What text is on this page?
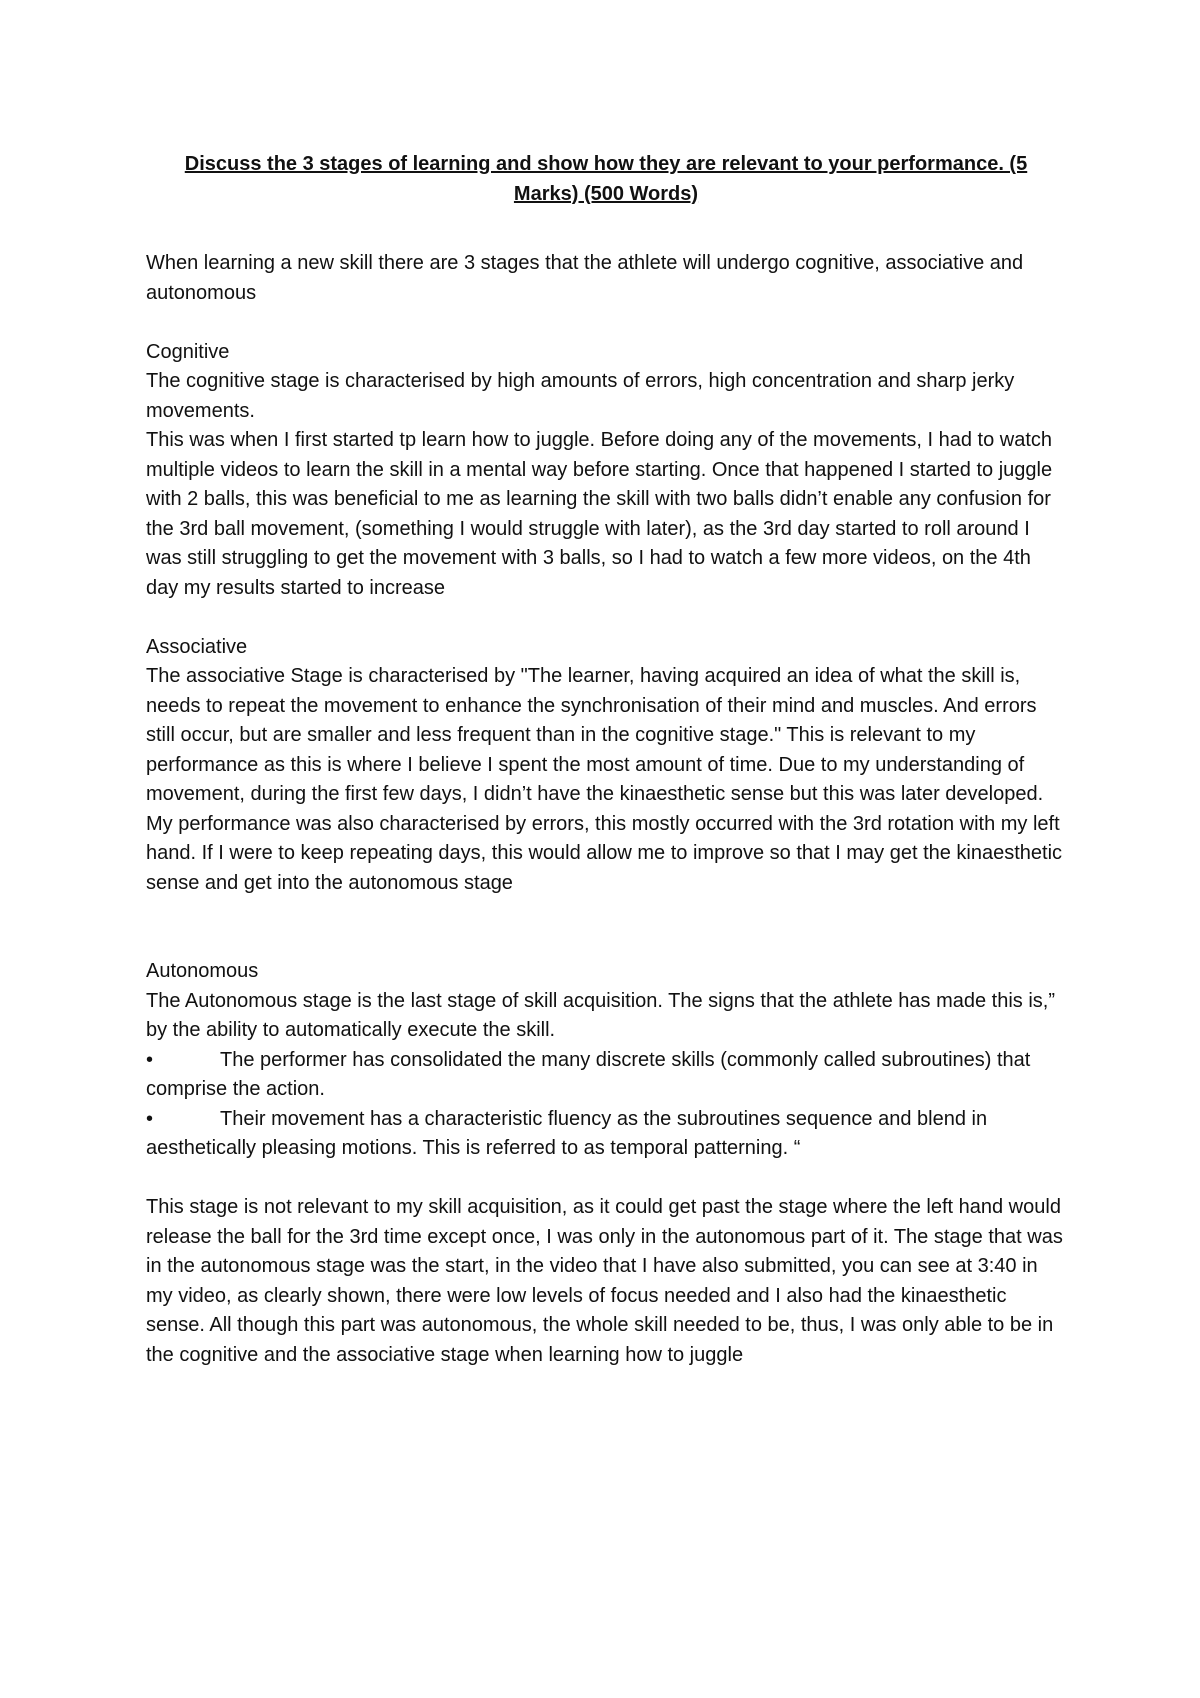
Discuss the 3 stages of learning and show how they are relevant to your performance. (5 Marks) (500 Words)

When learning a new skill there are 3 stages that the athlete will undergo cognitive, associative and autonomous

Cognitive

The cognitive stage is characterised by high amounts of errors, high concentration and sharp jerky movements.

This was when I first started tp learn how to juggle. Before doing any of the movements, I had to watch multiple videos to learn the skill in a mental way before starting. Once that happened I started to juggle with 2 balls, this was beneficial to me as learning the skill with two balls didn’t enable any confusion for the 3rd ball movement, (something I would struggle with later), as the 3rd day started to roll around I was still struggling to get the movement with 3 balls, so I had to watch a few more videos, on the 4th day my results started to increase

Associative

The associative Stage is characterised by "The learner, having acquired an idea of what the skill is, needs to repeat the movement to enhance the synchronisation of their mind and muscles. And errors still occur, but are smaller and less frequent than in the cognitive stage." This is relevant to my performance as this is where I believe I spent the most amount of time. Due to my understanding of movement, during the first few days, I didn’t have the kinaesthetic sense but this was later developed. My performance was also characterised by errors, this mostly occurred with the 3rd rotation with my left hand. If I were to keep repeating days, this would allow me to improve so that I may get the kinaesthetic sense and get into the autonomous stage

Autonomous

The Autonomous stage is the last stage of skill acquisition. The signs that the athlete has made this is,” by the ability to automatically execute the skill.

•	The performer has consolidated the many discrete skills (commonly called subroutines) that comprise the action.

•	Their movement has a characteristic fluency as the subroutines sequence and blend in aesthetically pleasing motions. This is referred to as temporal patterning. “

This stage is not relevant to my skill acquisition, as it could get past the stage where the left hand would release the ball for the 3rd time except once, I was only in the autonomous part of it. The stage that was in the autonomous stage was the start, in the video that I have also submitted, you can see at 3:40 in my video, as clearly shown, there were low levels of focus needed and I also had the kinaesthetic sense. All though this part was autonomous, the whole skill needed to be, thus, I was only able to be in the cognitive and the associative stage when learning how to juggle
